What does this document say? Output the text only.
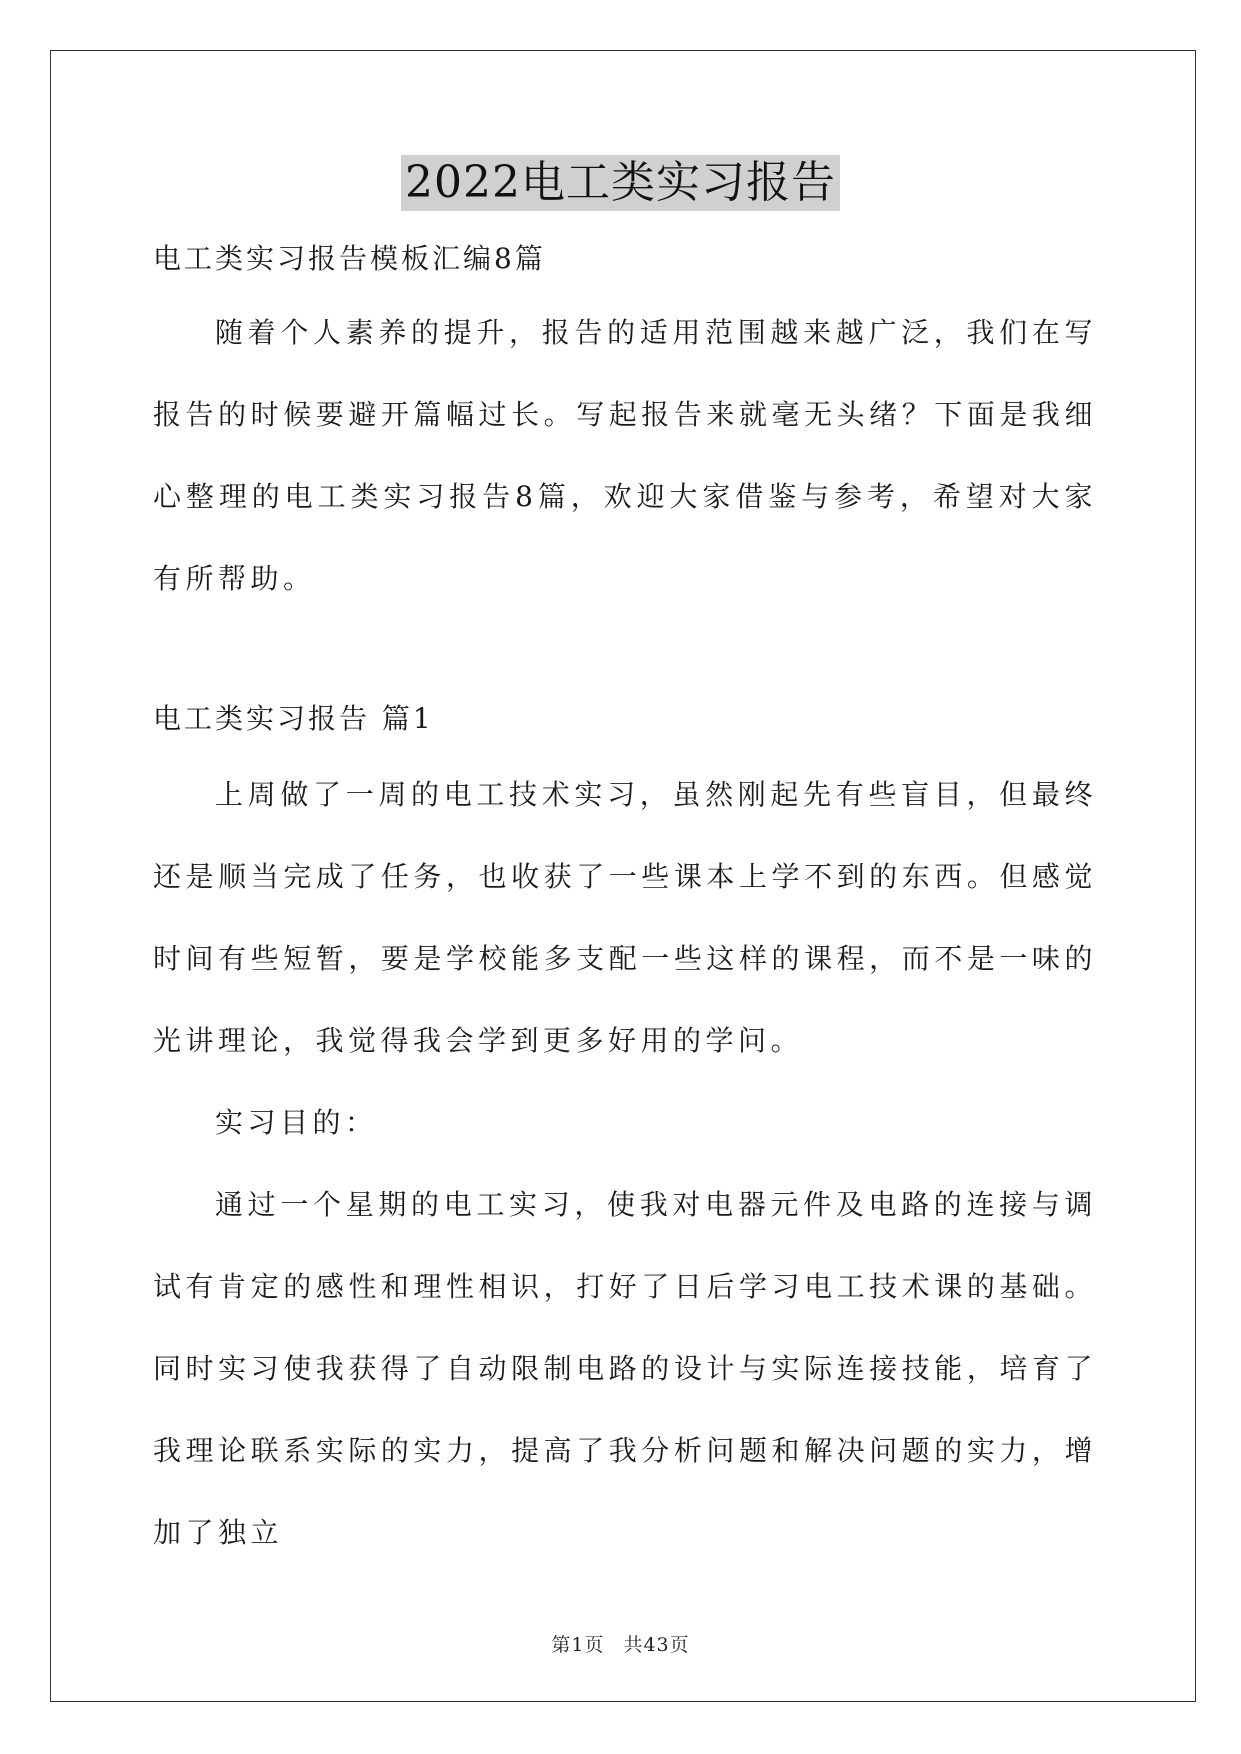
2022电工类实习报告
电工类实习报告模板汇编8篇
随着个人素养的提升，报告的适用范围越来越广泛，我们在写报告的时候要避开篇幅过长。写起报告来就毫无头绪？下面是我细心整理的电工类实习报告8篇，欢迎大家借鉴与参考，希望对大家有所帮助。
电工类实习报告 篇1
上周做了一周的电工技术实习，虽然刚起先有些盲目，但最终还是顺当完成了任务，也收获了一些课本上学不到的东西。但感觉时间有些短暂，要是学校能多支配一些这样的课程，而不是一味的光讲理论，我觉得我会学到更多好用的学问。
实习目的：
通过一个星期的电工实习，使我对电器元件及电路的连接与调试有肯定的感性和理性相识，打好了日后学习电工技术课的基础。同时实习使我获得了自动限制电路的设计与实际连接技能，培育了我理论联系实际的实力，提高了我分析问题和解决问题的实力，增加了独立
第1页 共43页
